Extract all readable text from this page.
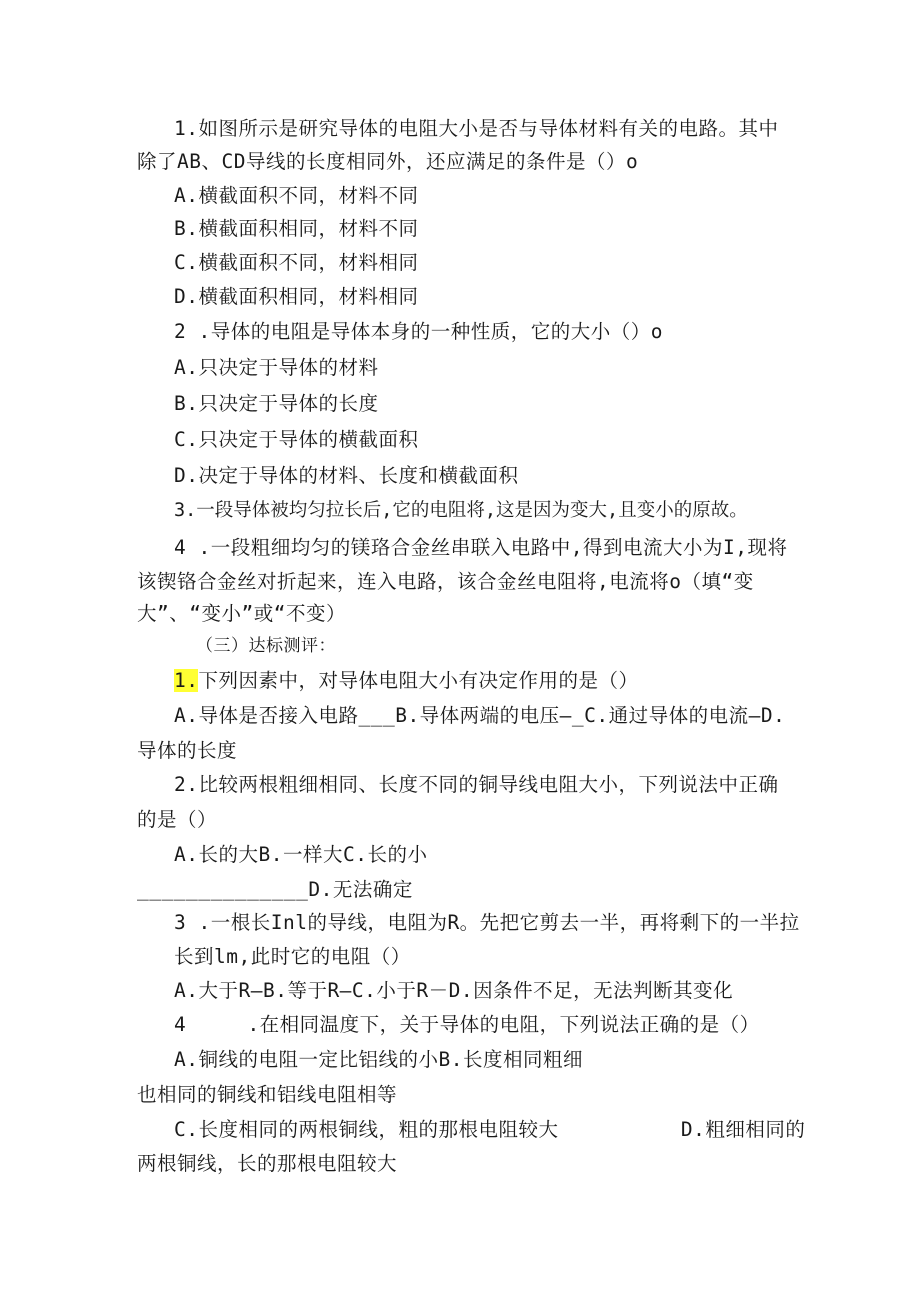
1.如图所示是研究导体的电阻大小是否与导体材料有关的电路。其中
除了AB、CD导线的长度相同外，还应满足的条件是（）o
A.横截面积不同，材料不同
B.横截面积相同，材料不同
C.横截面积不同，材料相同
D.横截面积相同，材料相同
2 .导体的电阻是导体本身的一种性质，它的大小（）o
A.只决定于导体的材料
B.只决定于导体的长度
C.只决定于导体的横截面积
D.决定于导体的材料、长度和横截面积
3.一段导体被均匀拉长后,它的电阻将,这是因为变大,且变小的原故。
4 .一段粗细均匀的镁珞合金丝串联入电路中,得到电流大小为I,现将
该锲铬合金丝对折起来，连入电路，该合金丝电阻将,电流将o（填“变
大”、“变小”或“不变）
（三）达标测评：
1.下列因素中，对导体电阻大小有决定作用的是（）
A.导体是否接入电路___B.导体两端的电压—_C.通过导体的电流—D.
导体的长度
2.比较两根粗细相同、长度不同的铜导线电阻大小，下列说法中正确
的是（）
A.长的大B.一样大C.长的小
______________D.无法确定
3 .一根长Inl的导线，电阻为R。先把它剪去一半，再将剩下的一半拉
长到lm,此时它的电阻（）
A.大于R—B.等于R—C.小于R－D.因条件不足，无法判断其变化
4     .在相同温度下，关于导体的电阻，下列说法正确的是（）
A.铜线的电阻一定比铝线的小B.长度相同粗细
也相同的铜线和铝线电阻相等
C.长度相同的两根铜线，粗的那根电阻较大          D.粗细相同的
两根铜线，长的那根电阻较大
